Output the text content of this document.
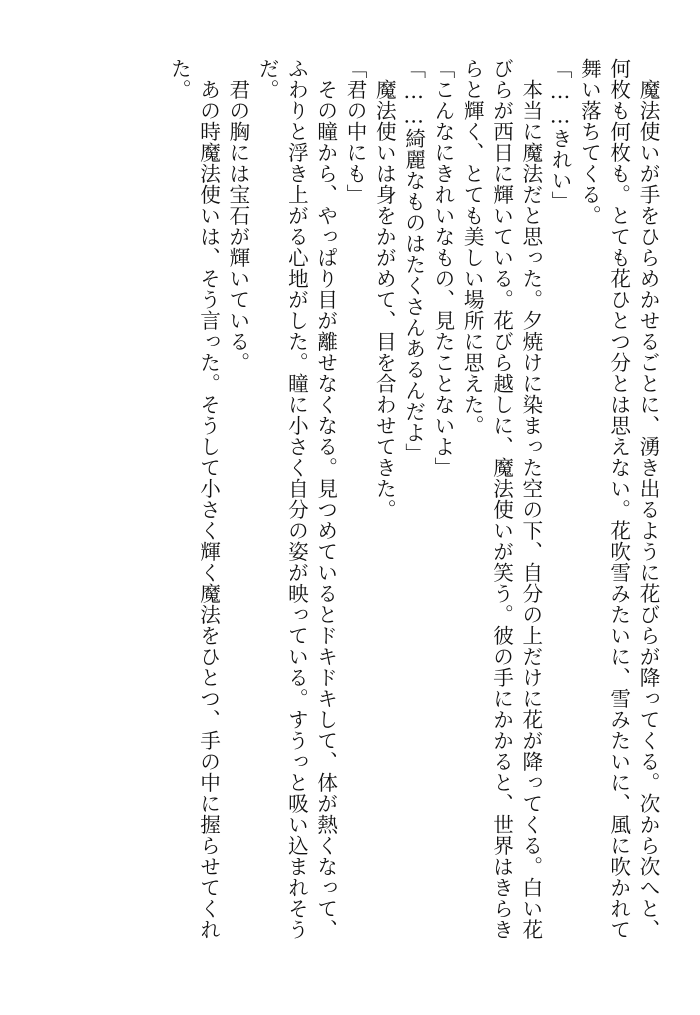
　魔法使いが手をひらめかせるごとに、湧き出るように花びらが降ってくる。次から次へと、
何枚も何枚も。とても花ひとつ分とは思えない。花吹雪みたいに、雪みたいに、風に吹かれて
舞い落ちてくる。
「……きれい」
　本当に魔法だと思った。夕焼けに染まった空の下、自分の上だけに花が降ってくる。白い花
びらが西日に輝いている。花びら越しに、魔法使いが笑う。彼の手にかかると、世界はきらき
らと輝く、とても美しい場所に思えた。
「こんなにきれいなもの、見たことないよ」
「……綺麗なものはたくさんあるんだよ」
　魔法使いは身をかがめて、目を合わせてきた。
「君の中にも」
　その瞳から、やっぱり目が離せなくなる。見つめているとドキドキして、体が熱くなって、
ふわりと浮き上がる心地がした。瞳に小さく自分の姿が映っている。すうっと吸い込まれそう
だ。
　君の胸には宝石が輝いている。
　あの時魔法使いは、そう言った。そうして小さく輝く魔法をひとつ、手の中に握らせてくれ
た。
